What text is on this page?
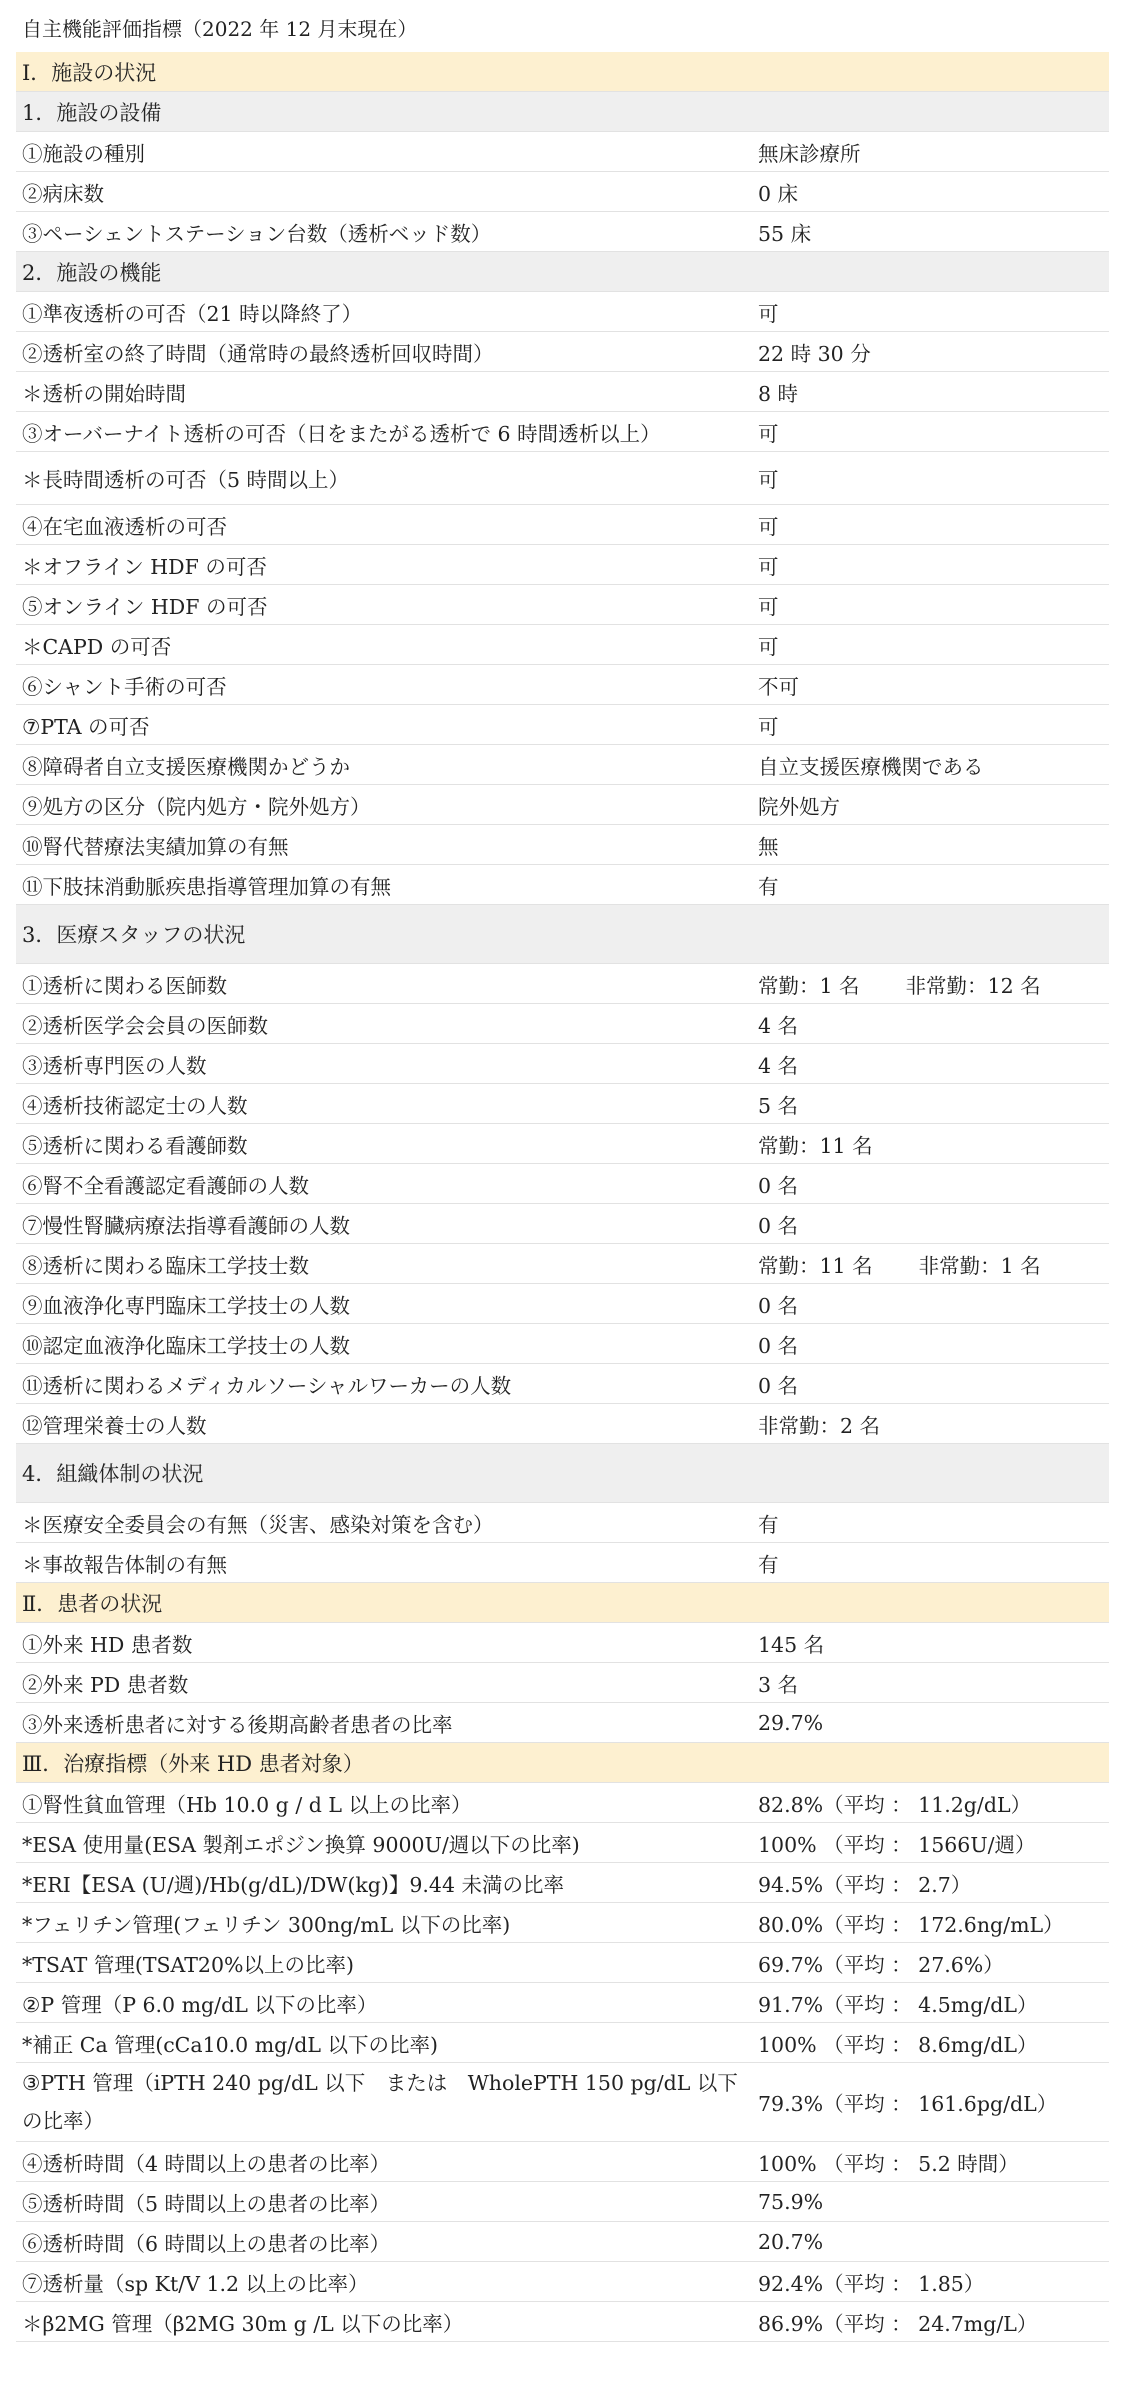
自主機能評価指標（2022 年 12 月末現在）
Ⅰ．施設の状況	
1．施設の設備	
①施設の種別	無床診療所
②病床数	0 床
③ペーシェントステーション台数（透析ベッド数）	55 床
2．施設の機能	
①準夜透析の可否（21 時以降終了）	可
②透析室の終了時間（通常時の最終透析回収時間）	22 時 30 分
＊透析の開始時間	8 時
③オーバーナイト透析の可否（日をまたがる透析で 6 時間透析以上）	可
＊長時間透析の可否（5 時間以上）	可
④在宅血液透析の可否	可
＊オフライン HDF の可否	可
⑤オンライン HDF の可否	可
＊CAPD の可否	可
⑥シャント手術の可否	不可
⑦PTA の可否	可
⑧障碍者自立支援医療機関かどうか	自立支援医療機関である
⑨処方の区分（院内処方・院外処方）	院外処方
⑩腎代替療法実績加算の有無	無
⑪下肢抹消動脈疾患指導管理加算の有無	有
3．医療スタッフの状況	
①透析に関わる医師数	常勤：1 名 非常勤：12 名
②透析医学会会員の医師数	4 名
③透析専門医の人数	4 名
④透析技術認定士の人数	5 名
⑤透析に関わる看護師数	常勤：11 名
⑥腎不全看護認定看護師の人数	0 名
⑦慢性腎臓病療法指導看護師の人数	0 名
⑧透析に関わる臨床工学技士数	常勤：11 名 非常勤：1 名
⑨血液浄化専門臨床工学技士の人数	0 名
⑩認定血液浄化臨床工学技士の人数	0 名
⑪透析に関わるメディカルソーシャルワーカーの人数	0 名
⑫管理栄養士の人数	非常勤：2 名
4．組織体制の状況	
＊医療安全委員会の有無（災害、感染対策を含む）	有
＊事故報告体制の有無	有
Ⅱ．患者の状況	
①外来 HD 患者数	145 名
②外来 PD 患者数	3 名
③外来透析患者に対する後期高齢者患者の比率	29.7%
Ⅲ．治療指標（外来 HD 患者対象）	
①腎性貧血管理（Hb 10.0 g / d L 以上の比率）	82.8%（平均 ： 11.2g/dL）
*ESA 使用量(ESA 製剤エポジン換算 9000U/週以下の比率)	100% （平均 ： 1566U/週）
*ERI【ESA (U/週)/Hb(g/dL)/DW(kg)】9.44 未満の比率	94.5%（平均 ： 2.7）
*フェリチン管理(フェリチン 300ng/mL 以下の比率)	80.0%（平均 ： 172.6ng/mL）
*TSAT 管理(TSAT20%以上の比率)	69.7%（平均 ： 27.6%）
②P 管理（P 6.0 mg/dL 以下の比率）	91.7%（平均 ： 4.5mg/dL）
*補正 Ca 管理(cCa10.0 mg/dL 以下の比率)	100% （平均 ： 8.6mg/dL）
③PTH 管理（iPTH 240 pg/dL 以下　または　WholePTH 150 pg/dL 以下の比率）	79.3%（平均 ： 161.6pg/dL）
④透析時間（4 時間以上の患者の比率）	100% （平均 ： 5.2 時間）
⑤透析時間（5 時間以上の患者の比率）	75.9%
⑥透析時間（6 時間以上の患者の比率）	20.7%
⑦透析量（sp Kt/V 1.2 以上の比率）	92.4%（平均 ： 1.85）
＊β2MG 管理（β2MG 30m g /L 以下の比率）	86.9%（平均 ： 24.7mg/L）
